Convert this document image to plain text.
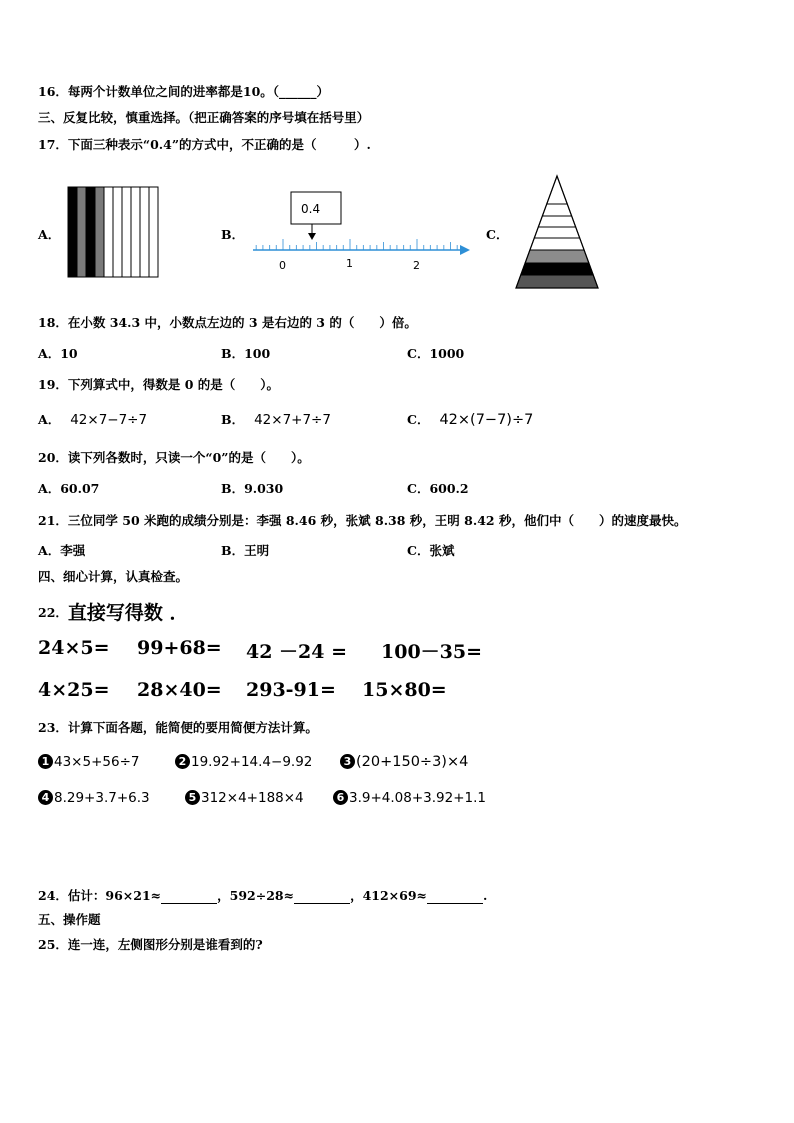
16．每两个计数单位之间的进率都是10。（______）
三、反复比较，慎重选择。（把正确答案的序号填在括号里）
17．下面三种表示“0.4”的方式中，不正确的是（　　　）.
A．	B．
0.4
0	1	2
C．
18．在小数 34.3 中，小数点左边的 3 是右边的 3 的（　　）倍。
A．10	B．100	C．1000
19．下列算式中，得数是 0 的是（　　）。
A． 42×7−7÷7	B． 42×7+7÷7	C． 42×(7−7)÷7
20．读下列各数时，只读一个“0”的是（　　）。
A．60.07	B．9.030	C．600.2
21．三位同学 50 米跑的成绩分别是：李强 8.46 秒，张斌 8.38 秒，王明 8.42 秒，他们中（　　）的速度最快。
A．李强	B．王明	C．张斌
四、细心计算，认真检查。
22．直接写得数 ．
24×5= 99+68= 42 －24 = 100－35=
4×25= 28×40= 293-91= 15×80=
23．计算下面各题，能简便的要用简便方法计算。
1 43×5+56÷7	2 19.92+14.4−9.92	3 (20+150÷3)×4
4 8.29+3.7+6.3	5 312×4+188×4	6 3.9+4.08+3.92+1.1
24．估计：96×21≈	，592÷28≈	，412×69≈	.
五、操作题
25．连一连，左侧图形分别是谁看到的?
